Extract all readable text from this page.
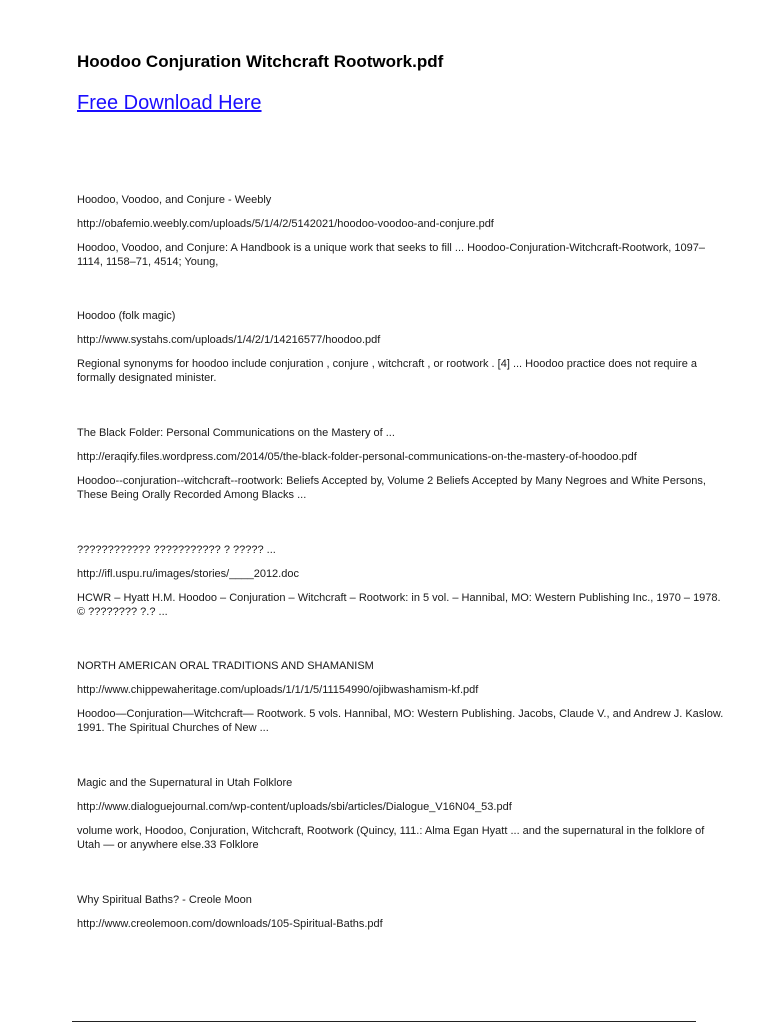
Hoodoo Conjuration Witchcraft Rootwork.pdf
Free Download Here

Hoodoo, Voodoo, and Conjure - Weebly

http://obafemio.weebly.com/uploads/5/1/4/2/5142021/hoodoo-voodoo-and-conjure.pdf

Hoodoo, Voodoo, and Conjure: A Handbook is a unique work that seeks to fill ... Hoodoo-Conjuration-Witchcraft-Rootwork, 1097–1114, 1158–71, 4514; Young,

Hoodoo (folk magic)

http://www.systahs.com/uploads/1/4/2/1/14216577/hoodoo.pdf

Regional synonyms for hoodoo include conjuration , conjure , witchcraft , or rootwork . [4] ... Hoodoo practice does not require a formally designated minister.

The Black Folder: Personal Communications on the Mastery of ...

http://eraqify.files.wordpress.com/2014/05/the-black-folder-personal-communications-on-the-mastery-of-hoodoo.pdf

Hoodoo--conjuration--witchcraft--rootwork: Beliefs Accepted by, Volume 2 Beliefs Accepted by Many Negroes and White Persons, These Being Orally Recorded Among Blacks ...

???????????? ??????????? ? ????? ...

http://ifl.uspu.ru/images/stories/____2012.doc

HCWR – Hyatt H.M. Hoodoo – Conjuration – Witchcraft – Rootwork: in 5 vol. – Hannibal, MO: Western Publishing Inc., 1970 – 1978. © ???????? ?.? ...

NORTH AMERICAN ORAL TRADITIONS AND SHAMANISM

http://www.chippewaheritage.com/uploads/1/1/1/5/11154990/ojibwashamism-kf.pdf

Hoodoo—Conjuration—Witchcraft— Rootwork. 5 vols. Hannibal, MO: Western Publishing. Jacobs, Claude V., and Andrew J. Kaslow. 1991. The Spiritual Churches of New ...

Magic and the Supernatural in Utah Folklore

http://www.dialoguejournal.com/wp-content/uploads/sbi/articles/Dialogue_V16N04_53.pdf

volume work, Hoodoo, Conjuration, Witchcraft, Rootwork (Quincy, 111.: Alma Egan Hyatt ... and the supernatural in the folklore of Utah — or anywhere else.33 Folklore

Why Spiritual Baths? - Creole Moon

http://www.creolemoon.com/downloads/105-Spiritual-Baths.pdf
